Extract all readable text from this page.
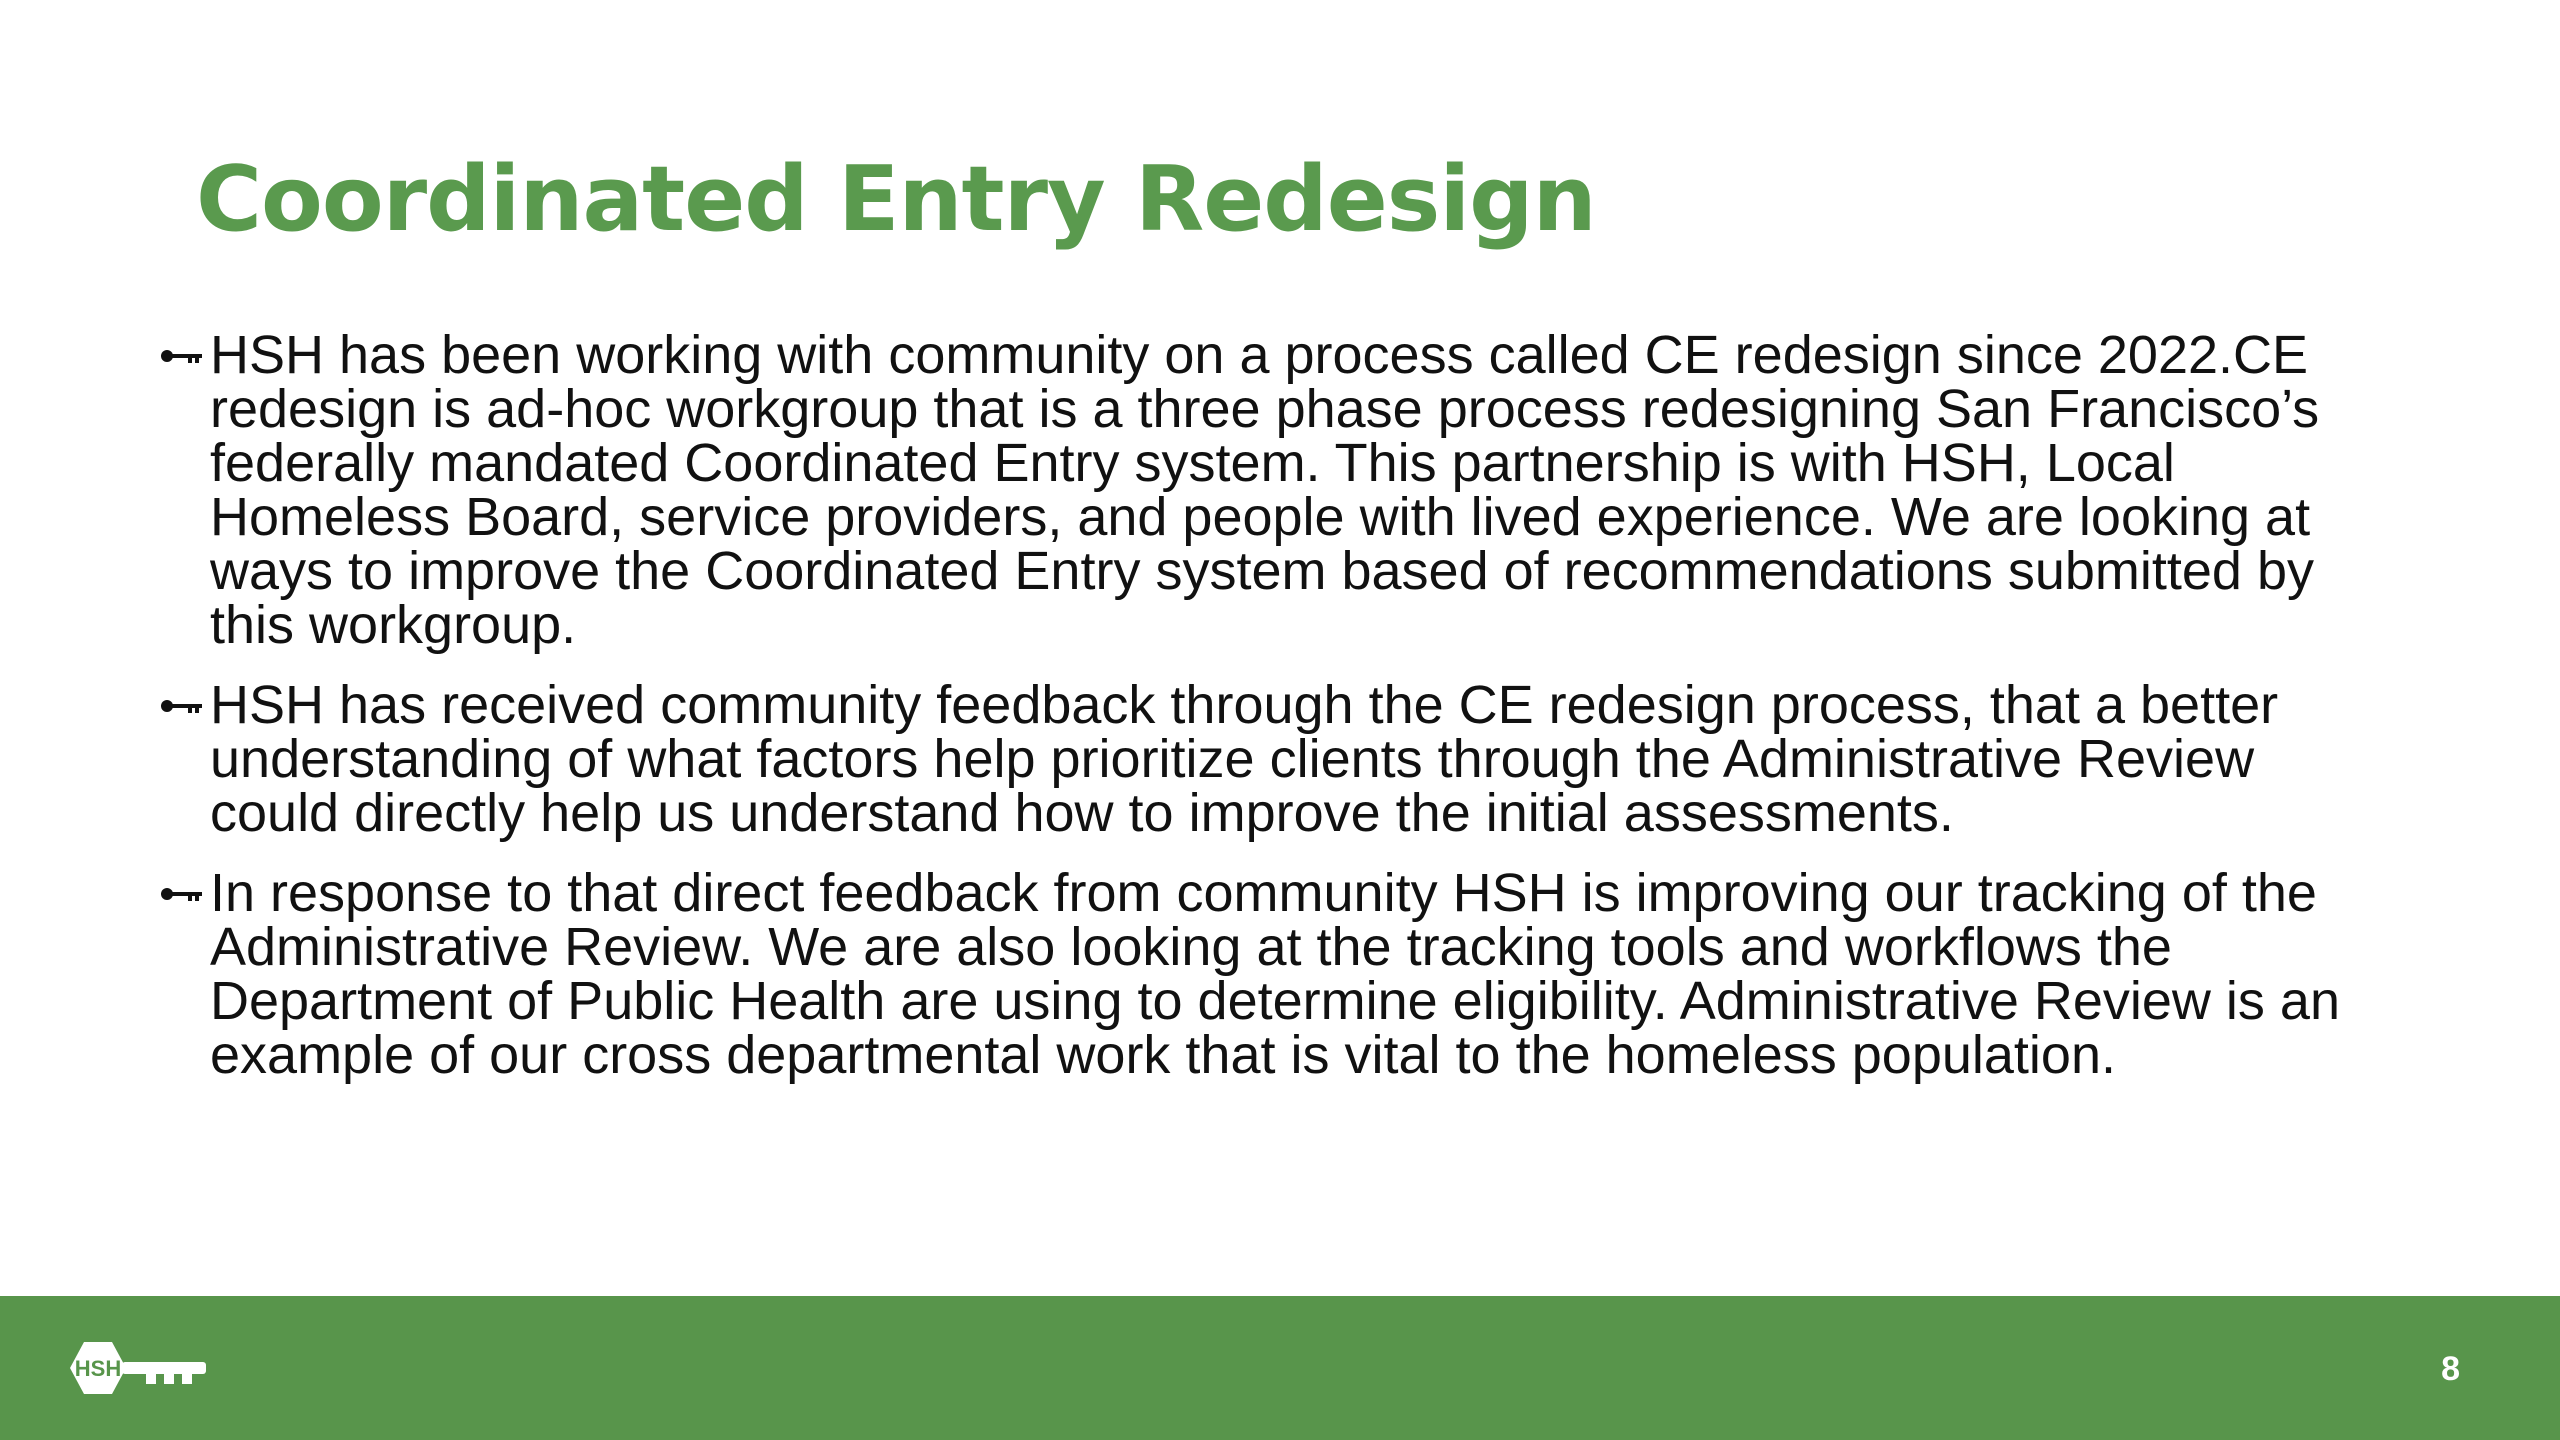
Coordinated Entry Redesign
HSH has been working with community on a process called CE redesign since 2022.CE redesign is ad-hoc workgroup that is a three phase process redesigning San Francisco’s federally mandated Coordinated Entry system. This partnership is with HSH, Local Homeless Board, service providers, and people with lived experience. We are looking at ways to improve the Coordinated Entry system based of recommendations submitted by this workgroup.
HSH has received community feedback through the CE redesign process, that a better understanding of what factors help prioritize clients through the Administrative Review could directly help us understand how to improve the initial assessments.
In response to that direct feedback from community HSH is improving our tracking of the Administrative Review. We are also looking at the tracking tools and workflows the Department of Public Health are using to determine eligibility. Administrative Review is an example of our cross departmental work that is vital to the homeless population.
HSH	8
